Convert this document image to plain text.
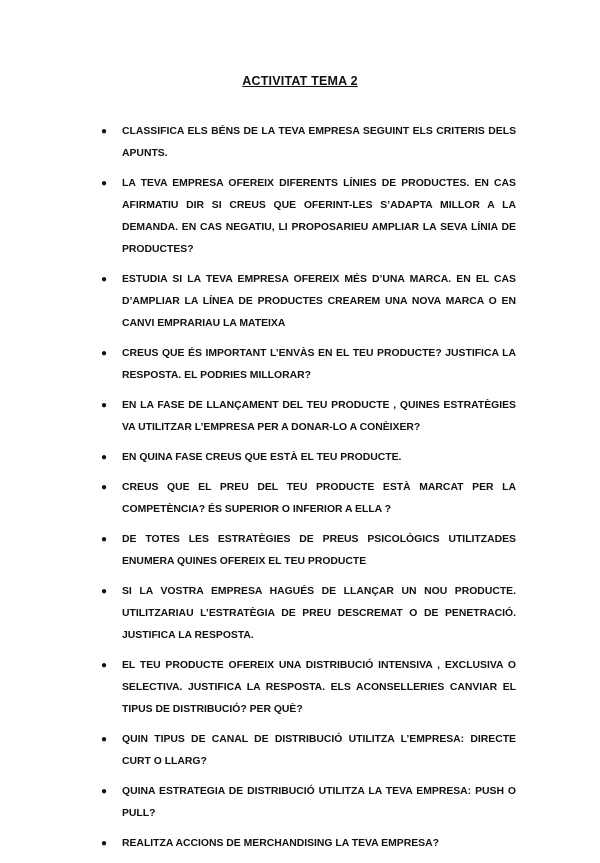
ACTIVITAT TEMA 2
● CLASSIFICA ELS BÉNS DE LA TEVA EMPRESA SEGUINT ELS CRITERIS DELS APUNTS.
● LA TEVA EMPRESA OFEREIX DIFERENTS LÍNIES DE PRODUCTES. EN CAS AFIRMATIU DIR SI CREUS QUE OFERINT-LES S’ADAPTA MILLOR A LA DEMANDA. EN CAS NEGATIU, LI PROPOSARIEU AMPLIAR LA SEVA LÍNIA DE PRODUCTES?
● ESTUDIA SI LA TEVA EMPRESA OFEREIX MÉS D’UNA MARCA. EN EL CAS D’AMPLIAR LA LÍNEA DE PRODUCTES CREAREM UNA NOVA MARCA O EN CANVI EMPRARIAU LA MATEIXA
● CREUS QUE ÉS IMPORTANT L’ENVÀS EN EL TEU PRODUCTE? JUSTIFICA LA RESPOSTA. EL PODRIES MILLORAR?
● EN LA FASE DE LLANÇAMENT DEL TEU PRODUCTE , QUINES ESTRATÈGIES VA UTILITZAR L’EMPRESA PER A DONAR-LO A CONÈIXER?
● EN QUINA FASE CREUS QUE ESTÀ EL TEU PRODUCTE.
● CREUS QUE EL PREU DEL TEU PRODUCTE ESTÀ MARCAT PER LA COMPETÈNCIA? ÉS SUPERIOR O INFERIOR A ELLA ?
● DE TOTES LES ESTRATÈGIES DE PREUS PSICOLÒGICS UTILITZADES ENUMERA QUINES OFEREIX EL TEU PRODUCTE
● SI LA VOSTRA EMPRESA HAGUÉS DE LLANÇAR UN NOU PRODUCTE. UTILITZARIAU L’ESTRATÈGIA DE PREU DESCREMAT O DE PENETRACIÓ. JUSTIFICA LA RESPOSTA.
● EL TEU PRODUCTE OFEREIX UNA DISTRIBUCIÓ INTENSIVA , EXCLUSIVA O SELECTIVA. JUSTIFICA LA RESPOSTA. ELS ACONSELLERIES CANVIAR EL TIPUS DE DISTRIBUCIÓ? PER QUÈ?
● QUIN TIPUS DE CANAL DE DISTRIBUCIÓ UTILITZA L’EMPRESA: DIRECTE CURT O LLARG?
● QUINA ESTRATEGIA DE DISTRIBUCIÓ UTILITZA LA TEVA EMPRESA: PUSH O PULL?
● REALITZA ACCIONS DE MERCHANDISING LA TEVA EMPRESA?
